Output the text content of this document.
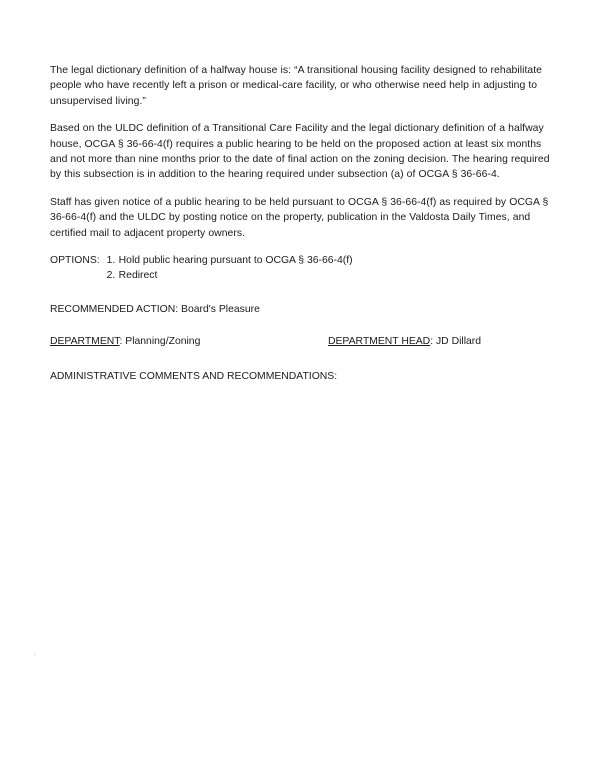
The legal dictionary definition of a halfway house is: “A transitional housing facility designed to rehabilitate people who have recently left a prison or medical-care facility, or who otherwise need help in adjusting to unsupervised living.”

Based on the ULDC definition of a Transitional Care Facility and the legal dictionary definition of a halfway house, OCGA § 36-66-4(f) requires a public hearing to be held on the proposed action at least six months and not more than nine months prior to the date of final action on the zoning decision. The hearing required by this subsection is in addition to the hearing required under subsection (a) of OCGA § 36-66-4.

Staff has given notice of a public hearing to be held pursuant to OCGA § 36-66-4(f) as required by OCGA § 36-66-4(f) and the ULDC by posting notice on the property, publication in the Valdosta Daily Times, and certified mail to adjacent property owners.

OPTIONS: 1. Hold public hearing pursuant to OCGA § 36-66-4(f)
2. Redirect
RECOMMENDED ACTION: Board's Pleasure
DEPARTMENT: Planning/Zoning	DEPARTMENT HEAD: JD Dillard
ADMINISTRATIVE COMMENTS AND RECOMMENDATIONS:
